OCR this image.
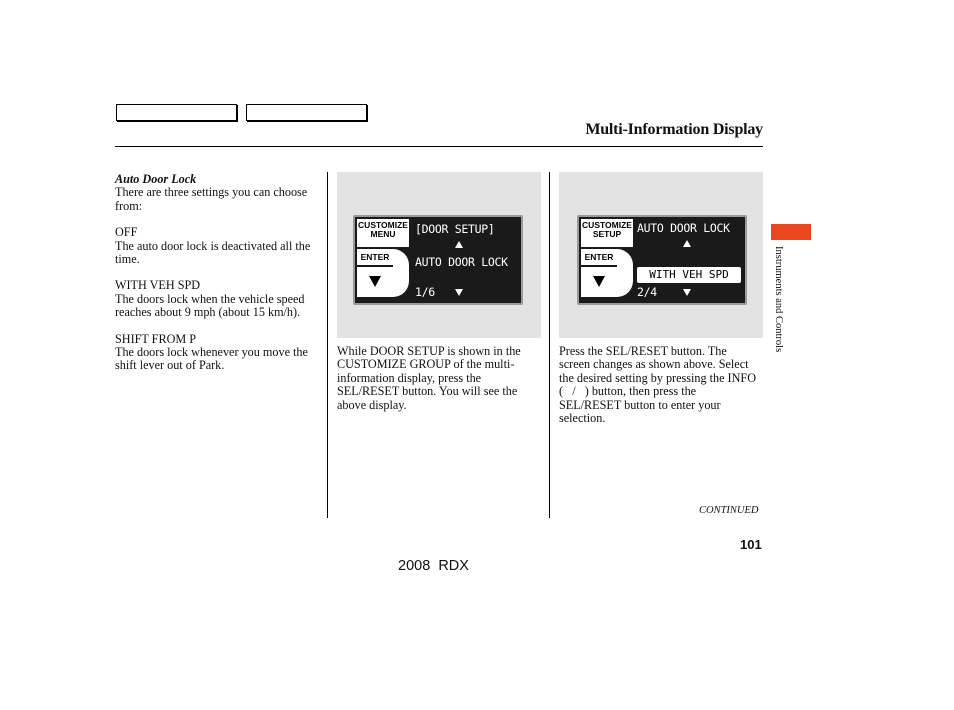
Multi-Information Display

Auto Door Lock

There are three settings you can choose from:

OFF

The auto door lock is deactivated all the time.

WITH VEH SPD

The doors lock when the vehicle speed reaches about 9 mph (about 15 km/h).

SHIFT FROM P

The doors lock whenever you move the shift lever out of Park.

CUSTOMIZE
MENU
ENTER
[DOOR SETUP]
AUTO DOOR LOCK
1/6
CUSTOMIZE
SETUP
ENTER
AUTO DOOR LOCK
WITH VEH SPD
2/4

While DOOR SETUP is shown in the CUSTOMIZE GROUP of the multi-information display, press the SEL/RESET button. You will see the above display.

Press the SEL/RESET button. The screen changes as shown above. Select the desired setting by pressing the INFO (   /   ) button, then press the SEL/RESET button to enter your selection.

Instruments and Controls
CONTINUED
101
2008  RDX
